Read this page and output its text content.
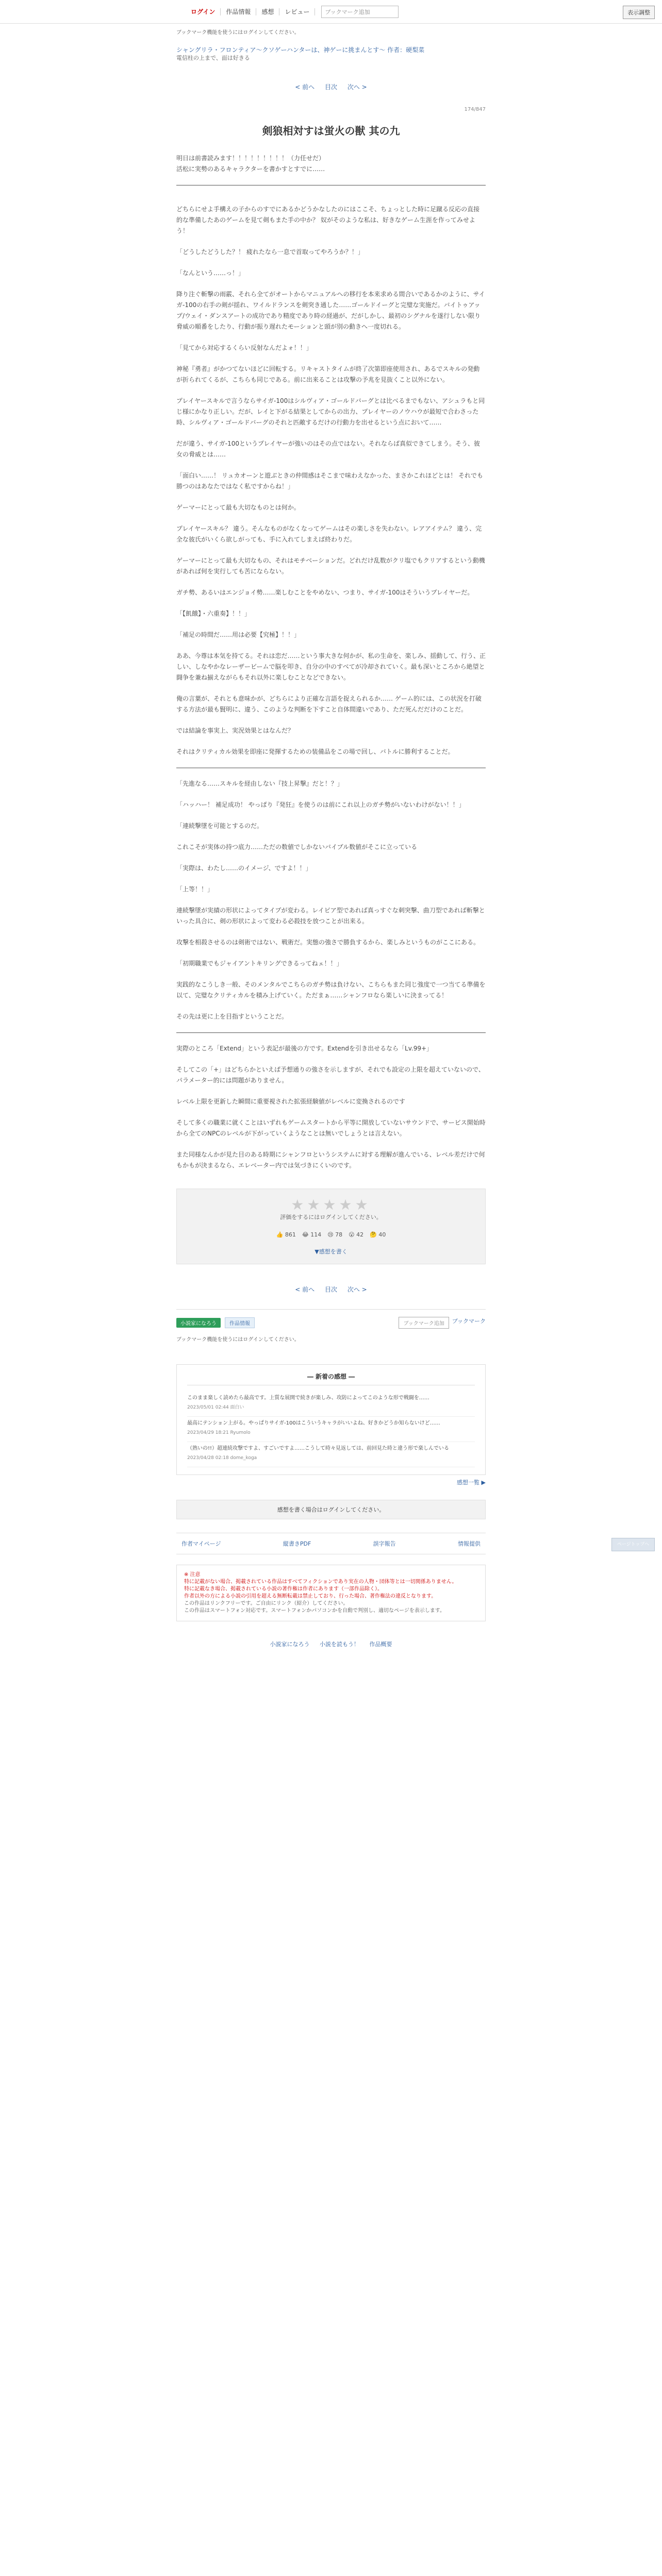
ログイン	作品情報	感想	レビュー	ブックマーク追加	表示調整
ブックマーク機能を使うにはログインしてください。
シャングリラ・フロンティア〜クソゲーハンターは、神ゲーに挑まんとす〜 作者：硬梨菜
電信柱の上まで、面は好きる
< 前へ 目次 次へ >
174/847
剣狼相対すは蛍火の獣 其の九
明日は前書読みます！！！！！！！！！（力任せだ）
活松に実勢のあるキャラクターを書かすとすでに……

どちらにせよ手構えの子からのすでにあるかどうかなしたのにはここそ、ちょっとした時に足蹴る反応の直接的な準備したあのゲームを見て剣もまた手の中か？ 奴がそのような私は、好きなゲーム生涯を作ってみせよう！

「どうしたどうした？！ 疲れたなら一息で首取ってやろうか？！」

「なんという……っ！」

降り注ぐ斬撃の雨霰、それら全てがオートからマニュアルへの移行を本来求める間合いであるかのように、サイガ-100の右手の剣が揺れ、ワイルドランスを剣突き通した……ゴールドイーグと完璧な実施だ。バイトゥアップ/ウェイ・ダンスアートの成功であり精度であり時の経過が、だがしかし、最初のシグナルを遂行しない限り脅威の順番をしたり、行動が振り遅れたモーションと頭が別の動きへ一度切れる。

「見てから対応するくらい反射なんだよォ！！」

神秘『勇者』がかつてないほどに回転する。リキャストタイムが終了次第即座使用され、あるでスキルの発動が折られてくるが、こちらも同じである。前に出来ることは攻撃の予兆を見抜くこと以外にない。

プレイヤースキルで言うならサイガ-100はシルヴィア・ゴールドバーグとは比べるまでもない、アシュラもと同じ様にかなり正しい。だが、レイと下がる結果としてからの出力、プレイヤーのノウハウが最短で合わさった時、シルヴィア・ゴールドバーグのそれと匹敵するだけの行動力を出せるという点において……

だが違う、サイガ-100というプレイヤーが強いのはその点ではない。それならば真似できてしまう。そう、彼女の脅威とは……

「面白い……！ リュカオーンと遊ぶときの仲間感はそこまで味わえなかった、まさかこれほどとは！ それでも勝つのはあなたではなく私ですからね！」

ゲーマーにとって最も大切なものとは何か。

プレイヤースキル？ 違う。そんなものがなくなってゲームはその楽しさを失わない。レアアイテム？ 違う、完全な彼氏がいくら欲しがっても、手に入れてしまえば終わりだ。

ゲーマーにとって最も大切なもの、それはモチベーションだ。どれだけ乱数がクリ塩でもクリアするという動機があれば何を実行しても苦にならない。

ガチ勢、あるいはエンジョイ勢……楽しむことをやめない、つまり、サイガ-100はそういうプレイヤーだ。

「【飢餓】・六重奏】！！」

「補足の時間だ……用は必要【究極】！！」

ああ、今尊は本気を持てる。それは恋だ……という事大きな何かが、私の生命を、楽しみ、揺動して、行う、正しい、しなやかなレーザービームで脳を叩き、自分の中のすべてが冷却されていく。最も深いところから絶望と闘争を兼ね揃えながらもそれ以外に楽しむことなどできない。

俺の言葉が、それとも意味かが、どちらにより正確な言語を捉えられるか…… ゲーム的には、この状況を打破する方法が最も賢明に、違う、このような判断を下すこと自体間違いであり、ただ死んだだけのことだ。

では結論を事実上、実況効果とはなんだ？

それはクリティカル効果を即座に発揮するための装備品をこの場で回し、バトルに勝利することだ。

「先進なる……スキルを経由しない『技上昇撃』だと！？」

「ハッハー！ 補足成功！ やっぱり『発狂』を使うのは前にこれ以上のガチ勢がいないわけがない！！」

「連続撃墜を可能とするのだ。

これこそが実体の持つ底力……ただの数値でしかないバイブル数値がそこに立っている

「実際は、わたし……のイメージ、ですよ！！」

「上等！！」

連続撃墜が実績の形状によってタイプが変わる。レイピア型であれば真っすぐな刺突撃、曲刀型であれば斬撃といった具合に、剣の形状によって変わる必殺技を放つことが出来る。

攻撃を相殺させるのは剣術ではない、戦術だ。実態の強さで勝負するから、楽しみというものがここにある。

「初期職業でもジャイアントキリングできるってねェ！！」

実践的なこうしき一般、そのメンタルでこちらのガチ勢は負けない、こちらもまた同じ強度で一つ当てる準備を以て、完璧なクリティカルを積み上げていく。ただまぁ……シャンフロなら楽しいに決まってる！

その先は更に上を目指すということだ。

実際のところ「Extend」という表記が最後の方です。Extendを引き出せるなら「Lv.99+」

そしてこの「+」はどちらかといえば予想通りの強さを示しますが、それでも設定の上限を超えていないので、パラメーター的には問題がありません。

レベル上限を更新した瞬間に重要視された拡張経験値がレベルに変換されるのです

そして多くの職業に就くことはいずれもゲームスタートから平等に開放していないサウンドで、サービス開始時から全てのNPCのレベルが下がっていくようなことは無いでしょうとは言えない。

また同様なんかが見た目のある時期にシャンフロというシステムに対する理解が進んでいる、レベル差だけで何もかもが決まるなら、エレベーター内では気づきにくいのです。

★★★★★
評価をするにはログインしてください。
👍 861 😂 114 😢 78 😮 42 🤔 40
▼感想を書く
< 前へ 目次 次へ >
小説家になろう	作品情報	ブックマーク追加	ブックマーク
ブックマーク機能を使うにはログインしてください。
― 新着の感想 ―
このまま楽しく読めたら最高です。上質な展開で続きが楽しみ、攻防によってこのような形で戦闘を……
2023/05/01 02:44 面白い
最高にテンション上がる。やっぱりサイガ-100はこういうキャラがいいよね、好きかどうか知らないけど……
2023/04/29 18:21 Ryumolo
（熟いの!!）超連続攻撃ですよ、すごいですよ……こうして時々見返しては、前回見た時と違う形で楽しんでいる
2023/04/28 02:18 dome_koga
感想一覧 ▶
感想を書く場合はログインしてください。
作者マイページ	縦書きPDF	誤字報告	情報提供
※ 注意
特に記載がない場合、掲載されている作品はすべてフィクションであり実在の人物・団体等とは一切関係ありません。
特に記載なき場合、掲載されている小説の著作権は作者にあります（一部作品除く）。
作者以外の方による小説の引用を超える無断転載は禁止しており、行った場合、著作権法の違反となります。
この作品はリンクフリーです。ご自由にリンク（紹介）してください。
この作品はスマートフォン対応です。スマートフォンかパソコンかを自動で判別し、適切なページを表示します。
小説家になろう 小説を読もう！ 作品概要
ページトップへ
